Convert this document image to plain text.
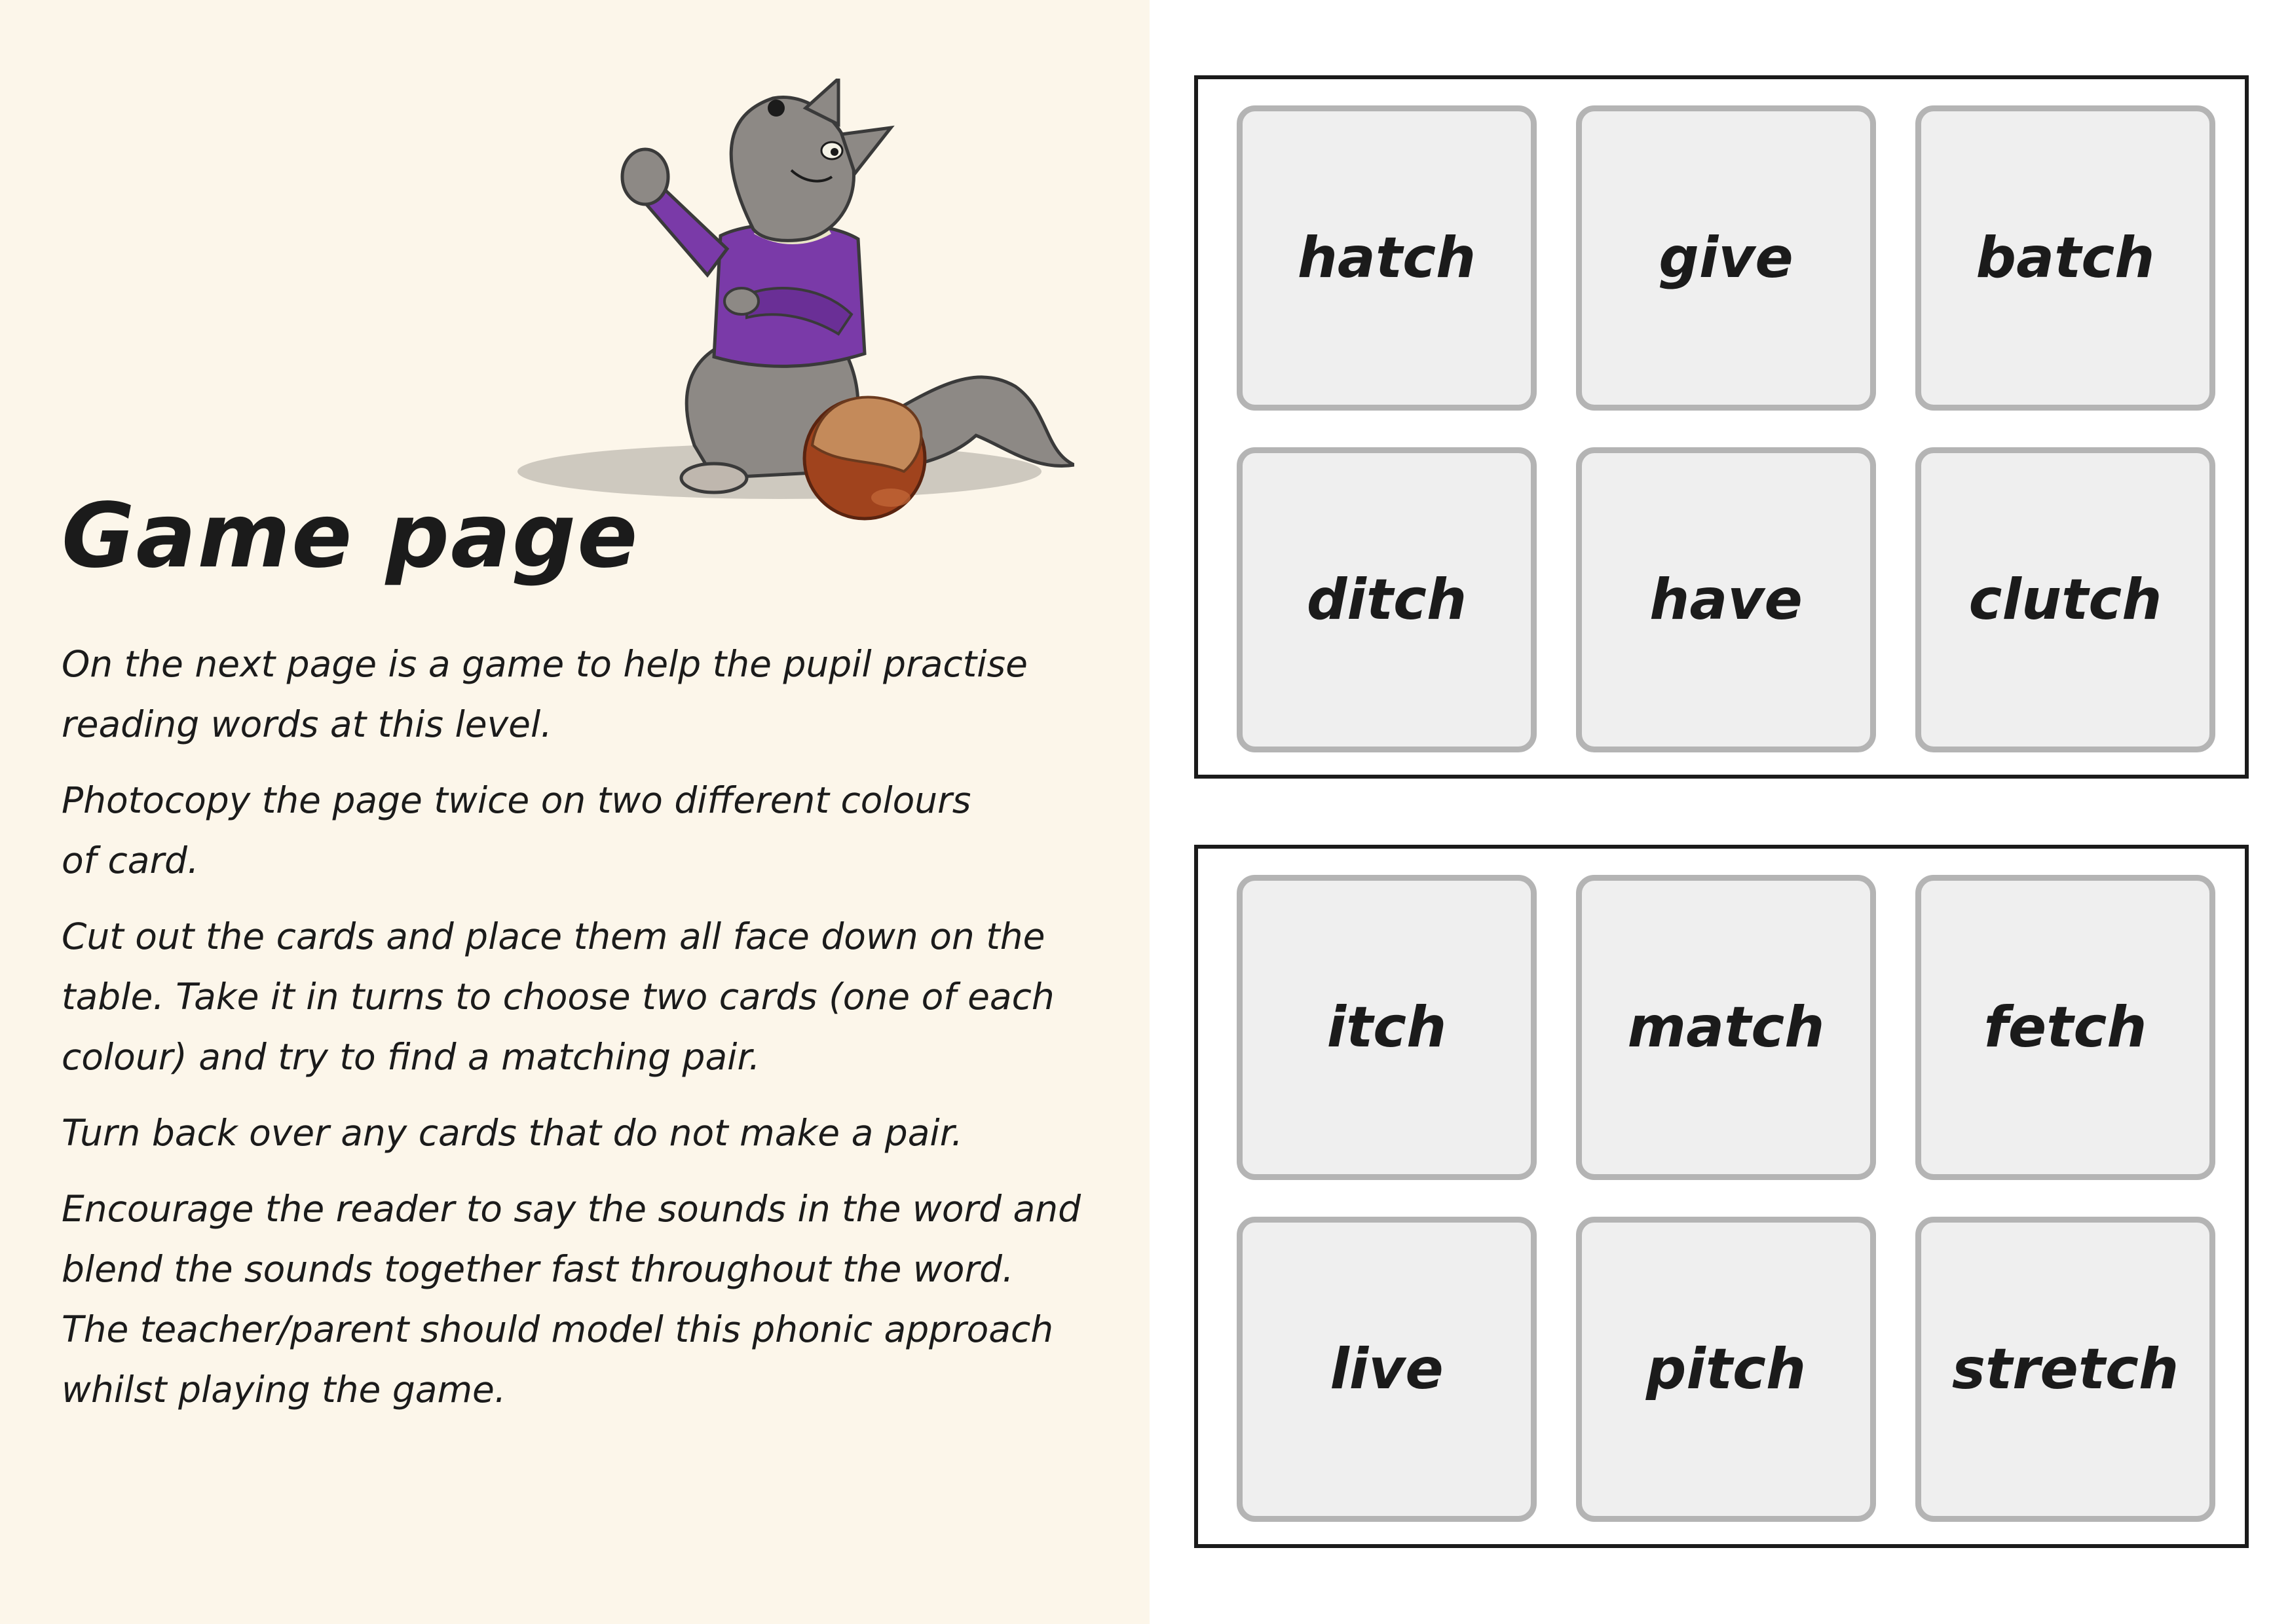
Game page

On the next page is a game to help the pupil practise
reading words at this level.

Photocopy the page twice on two different colours
of card.

Cut out the cards and place them all face down on the
table. Take it in turns to choose two cards (one of each
colour) and try to find a matching pair.

Turn back over any cards that do not make a pair.

Encourage the reader to say the sounds in the word and
blend the sounds together fast throughout the word.
The teacher/parent should model this phonic approach
whilst playing the game.

hatch	give	batch
ditch	have	clutch
itch	match	fetch
live	pitch	stretch
